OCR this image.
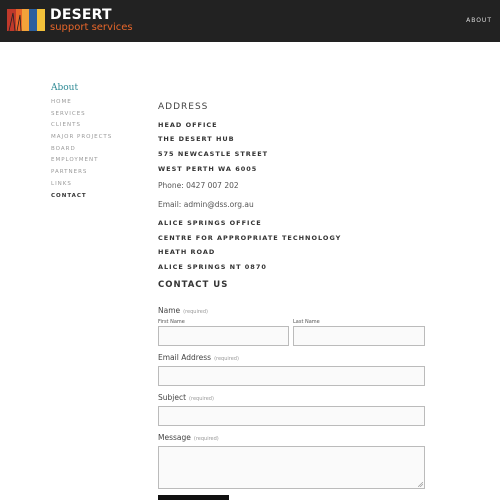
DESERT
support services
ABOUT
About
HOME
SERVICES
CLIENTS
MAJOR PROJECTS
BOARD
EMPLOYMENT
PARTNERS
LINKS
CONTACT
ADDRESS
HEAD OFFICE
THE DESERT HUB
575 NEWCASTLE STREET
WEST PERTH WA 6005
Phone: 0427 007 202
Email: admin@dss.org.au
ALICE SPRINGS OFFICE
CENTRE FOR APPROPRIATE TECHNOLOGY
HEATH ROAD
ALICE SPRINGS NT 0870
CONTACT US
Name (required)
First Name	Last Name
Email Address (required)
Subject (required)
Message (required)
